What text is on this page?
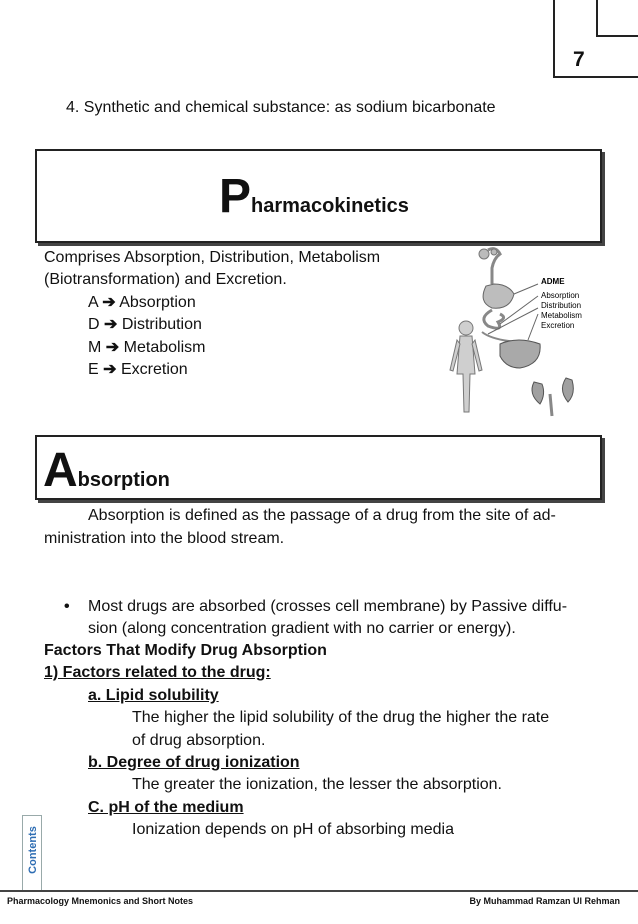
7
4. Synthetic and chemical substance: as sodium bicarbonate
Pharmacokinetics
Comprises Absorption, Distribution, Metabolism
(Biotransformation) and Excretion.
A ➔ Absorption
D ➔ Distribution
M ➔ Metabolism
E ➔ Excretion
ADME
Absorption
Distribution
Metabolism
Excretion
Absorption
Absorption is defined as the passage of a drug from the site of ad-
ministration into the blood stream.
• Most drugs are absorbed (crosses cell membrane) by Passive diffu-
sion (along concentration gradient with no carrier or energy).
Factors That Modify Drug Absorption
1) Factors related to the drug:
a. Lipid solubility
The higher the lipid solubility of the drug the higher the rate
of drug absorption.
b. Degree of drug ionization
The greater the ionization, the lesser the absorption.
C. pH of the medium
Ionization depends on pH of absorbing media
Contents
Pharmacology Mnemonics and Short Notes	By Muhammad Ramzan Ul Rehman
